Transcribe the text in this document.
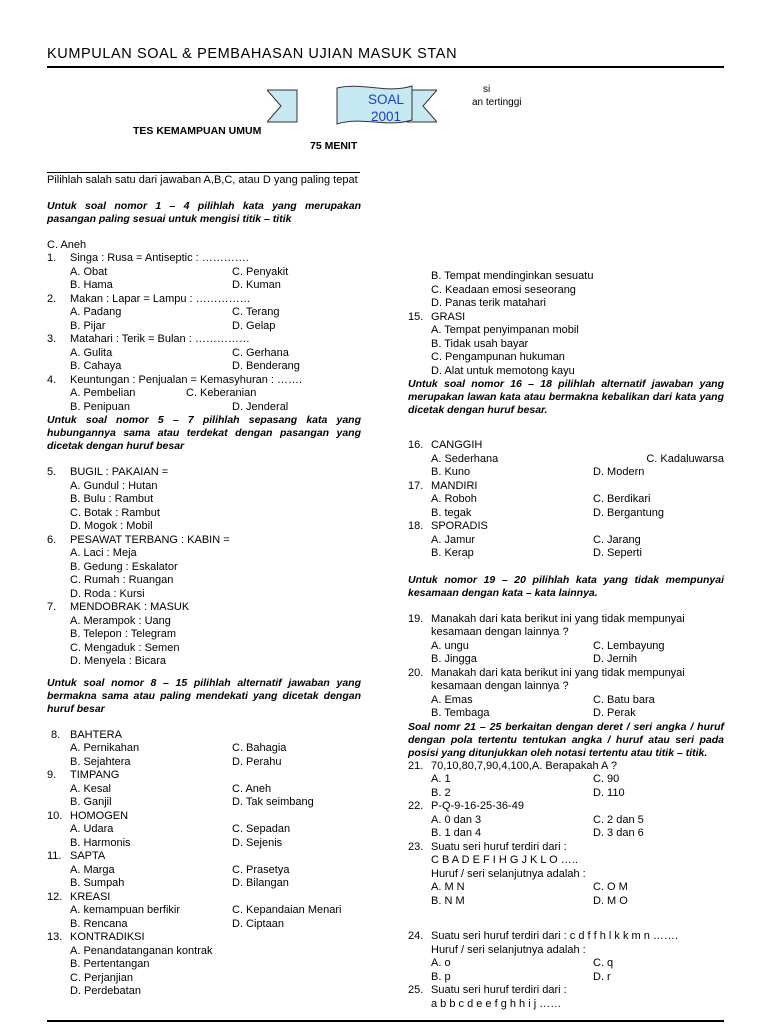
KUMPULAN SOAL & PEMBAHASAN UJIAN MASUK STAN
SOAL
2001
si
an tertinggi
TES KEMAMPUAN UMUM
75 MENIT
Pilihlah salah satu dari jawaban A,B,C, atau D yang paling tepat
Untuk soal nomor 1 – 4 pilihlah kata yang merupakan pasangan paling sesuai untuk mengisi titik – titik
C. Aneh
1. Singa : Rusa = Antiseptic : ………….
A. Obat	C. Penyakit
B. Hama	D. Kuman
2. Makan : Lapar = Lampu : ……………
A. Padang	C. Terang
B. Pijar	D. Gelap
3. Matahari : Terik = Bulan : ……………
A. Gulita	C. Gerhana
B. Cahaya	D. Benderang
4. Keuntungan : Penjualan = Kemasyhuran : …….
A. Pembelian	C. Keberanian
B. Penipuan	D. Jenderal
Untuk soal nomor 5 – 7 pilihlah sepasang kata yang hubungannya sama atau terdekat dengan pasangan yang dicetak dengan huruf besar
5. BUGIL : PAKAIAN =
A. Gundul : Hutan
B. Bulu : Rambut
C. Botak : Rambut
D. Mogok : Mobil
6. PESAWAT TERBANG : KABIN =
A. Laci : Meja
B. Gedung : Eskalator
C. Rumah : Ruangan
D. Roda : Kursi
7. MENDOBRAK : MASUK
A. Merampok : Uang
B. Telepon : Telegram
C. Mengaduk : Semen
D. Menyela : Bicara
Untuk soal nomor 8 – 15 pilihlah alternatif jawaban yang bermakna sama atau paling mendekati yang dicetak dengan huruf besar
8. BAHTERA
A. Pernikahan	C. Bahagia
B. Sejahtera	D. Perahu
9. TIMPANG
A. Kesal	C. Aneh
B. Ganjil	D. Tak seimbang
10. HOMOGEN
A. Udara	C. Sepadan
B. Harmonis	D. Sejenis
11. SAPTA
A. Marga	C. Prasetya
B. Sumpah	D. Bilangan
12. KREASI
A. kemampuan berfikir	C. Kepandaian Menari
B. Rencana	D. Ciptaan
13. KONTRADIKSI
A. Penandatanganan kontrak
B. Pertentangan
C. Perjanjian
D. Perdebatan
B. Tempat mendinginkan sesuatu
C. Keadaan emosi seseorang
D. Panas terik matahari
15. GRASI
A. Tempat penyimpanan mobil
B. Tidak usah bayar
C. Pengampunan hukuman
D. Alat untuk memotong kayu
Untuk soal nomor 16 – 18 pilihlah alternatif jawaban yang merupakan lawan kata atau bermakna kebalikan dari kata yang dicetak dengan huruf besar.
16. CANGGIH
A. Sederhana	C. Kadaluwarsa
B. Kuno	D. Modern
17. MANDIRI
A. Roboh	C. Berdikari
B. tegak	D. Bergantung
18. SPORADIS
A. Jamur	C. Jarang
B. Kerap	D. Seperti
Untuk nomor 19 – 20 pilihlah kata yang tidak mempunyai kesamaan dengan kata – kata lainnya.
19. Manakah dari kata berikut ini yang tidak mempunyai
kesamaan dengan lainnya ?
A. ungu	C. Lembayung
B. Jingga	D. Jernih
20. Manakah dari kata berikut ini yang tidak mempunyai
kesamaan dengan lainnya ?
A. Emas	C. Batu bara
B. Tembaga	D. Perak
Soal nomr 21 – 25 berkaitan dengan deret / seri angka / huruf dengan pola tertentu tentukan angka / huruf atau seri pada posisi yang ditunjukkan oleh notasi tertentu atau titik – titik.
21. 70,10,80,7,90,4,100,A. Berapakah A ?
A. 1	C. 90
B. 2	D. 110
22. P-Q-9-16-25-36-49
A. 0 dan 3	C. 2 dan 5
B. 1 dan 4	D. 3 dan 6
23. Suatu seri huruf terdiri dari :
C B A D E F I H G J K L O …..
Huruf / seri selanjutnya adalah :
A. M N	C. O M
B. N M	D. M O
24. Suatu seri huruf terdiri dari : c d f f h l k k m n …….
Huruf / seri selanjutnya adalah :
A. o	C. q
B. p	D. r
25. Suatu seri huruf terdiri dari :
a b b c d e e f g h h i j ……
